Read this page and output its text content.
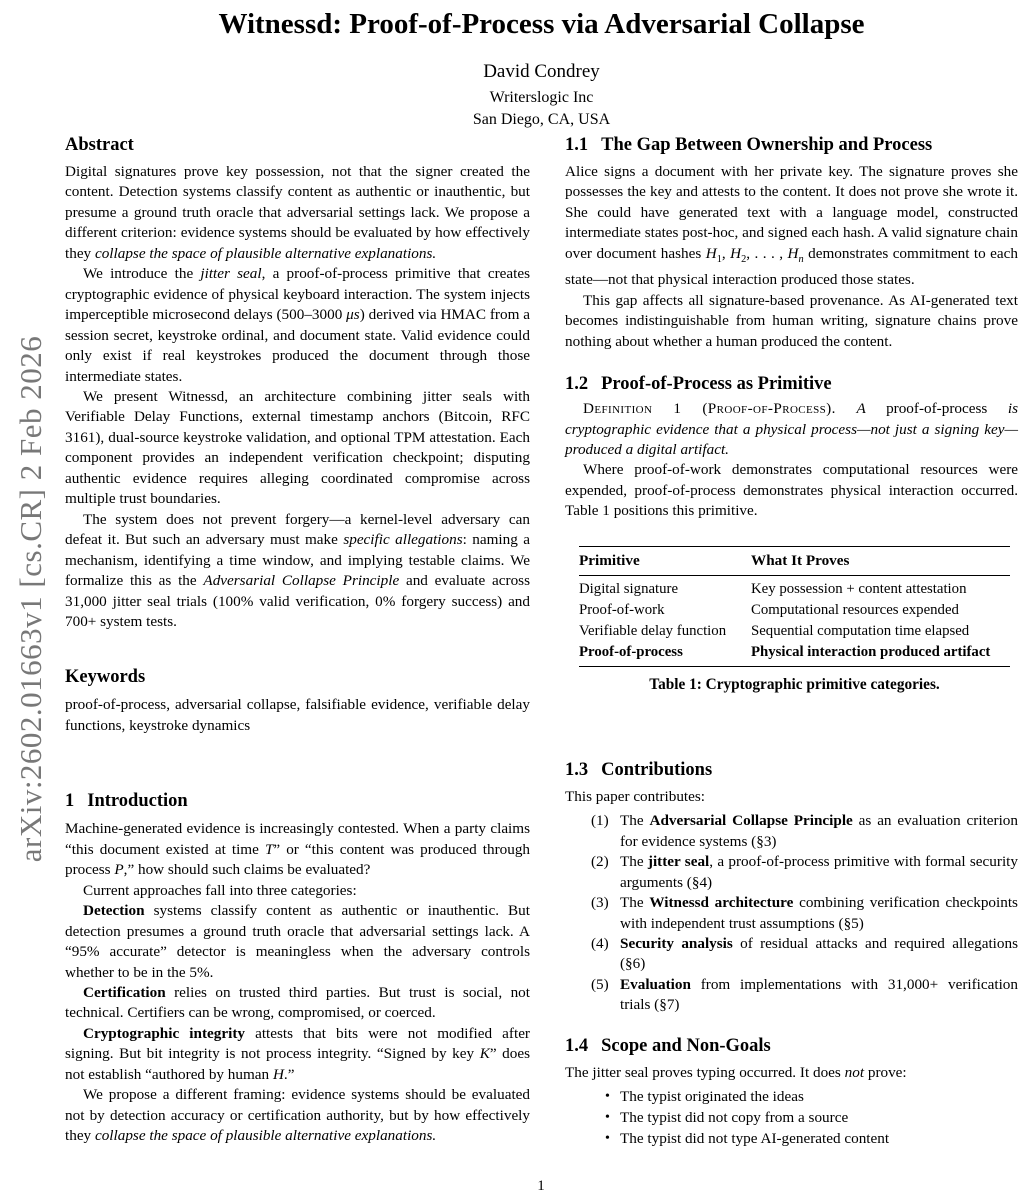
arXiv:2602.01663v1 [cs.CR] 2 Feb 2026
Witnessd: Proof-of-Process via Adversarial Collapse
David Condrey
Writerslogic Inc
San Diego, CA, USA
Abstract

Digital signatures prove key possession, not that the signer created the content. Detection systems classify content as authentic or inauthentic, but presume a ground truth oracle that adversarial settings lack. We propose a different criterion: evidence systems should be evaluated by how effectively they collapse the space of plausible alternative explanations.

We introduce the jitter seal, a proof-of-process primitive that creates cryptographic evidence of physical keyboard interaction. The system injects imperceptible microsecond delays (500–3000 μs) derived via HMAC from a session secret, keystroke ordinal, and document state. Valid evidence could only exist if real keystrokes produced the document through those intermediate states.

We present Witnessd, an architecture combining jitter seals with Verifiable Delay Functions, external timestamp anchors (Bitcoin, RFC 3161), dual-source keystroke validation, and optional TPM attestation. Each component provides an independent verification checkpoint; disputing authentic evidence requires alleging coordinated compromise across multiple trust boundaries.

The system does not prevent forgery—a kernel-level adversary can defeat it. But such an adversary must make specific allegations: naming a mechanism, identifying a time window, and implying testable claims. We formalize this as the Adversarial Collapse Principle and evaluate across 31,000 jitter seal trials (100% valid verification, 0% forgery success) and 700+ system tests.

Keywords

proof-of-process, adversarial collapse, falsifiable evidence, verifiable delay functions, keystroke dynamics

1 Introduction

Machine-generated evidence is increasingly contested. When a party claims “this document existed at time T” or “this content was produced through process P,” how should such claims be evaluated?

Current approaches fall into three categories:

Detection systems classify content as authentic or inauthentic. But detection presumes a ground truth oracle that adversarial settings lack. A “95% accurate” detector is meaningless when the adversary controls whether to be in the 5%.

Certification relies on trusted third parties. But trust is social, not technical. Certifiers can be wrong, compromised, or coerced.

Cryptographic integrity attests that bits were not modified after signing. But bit integrity is not process integrity. “Signed by key K” does not establish “authored by human H.”

We propose a different framing: evidence systems should be evaluated not by detection accuracy or certification authority, but by how effectively they collapse the space of plausible alternative explanations.

1.1 The Gap Between Ownership and Process

Alice signs a document with her private key. The signature proves she possesses the key and attests to the content. It does not prove she wrote it. She could have generated text with a language model, constructed intermediate states post-hoc, and signed each hash. A valid signature chain over document hashes $H_1$, $H_2$, . . . , $H_n$ demonstrates commitment to each state—not that physical interaction produced those states.

This gap affects all signature-based provenance. As AI-generated text becomes indistinguishable from human writing, signature chains prove nothing about whether a human produced the content.

1.2 Proof-of-Process as Primitive

Definition 1 (Proof-of-Process). A proof-of-process is cryptographic evidence that a physical process—not just a signing key—produced a digital artifact.

Where proof-of-work demonstrates computational resources were expended, proof-of-process demonstrates physical interaction occurred. Table 1 positions this primitive.

Primitive	What It Proves
Digital signature	Key possession + content attestation
Proof-of-work	Computational resources expended
Verifiable delay function	Sequential computation time elapsed
Proof-of-process	Physical interaction produced artifact
Table 1: Cryptographic primitive categories.
1.3 Contributions

This paper contributes:

(1) The Adversarial Collapse Principle as an evaluation criterion for evidence systems (§3)
(2) The jitter seal, a proof-of-process primitive with formal security arguments (§4)
(3) The Witnessd architecture combining verification checkpoints with independent trust assumptions (§5)
(4) Security analysis of residual attacks and required allegations (§6)
(5) Evaluation from implementations with 31,000+ verification trials (§7)
1.4 Scope and Non-Goals

The jitter seal proves typing occurred. It does not prove:

• The typist originated the ideas
• The typist did not copy from a source
• The typist did not type AI-generated content
1
